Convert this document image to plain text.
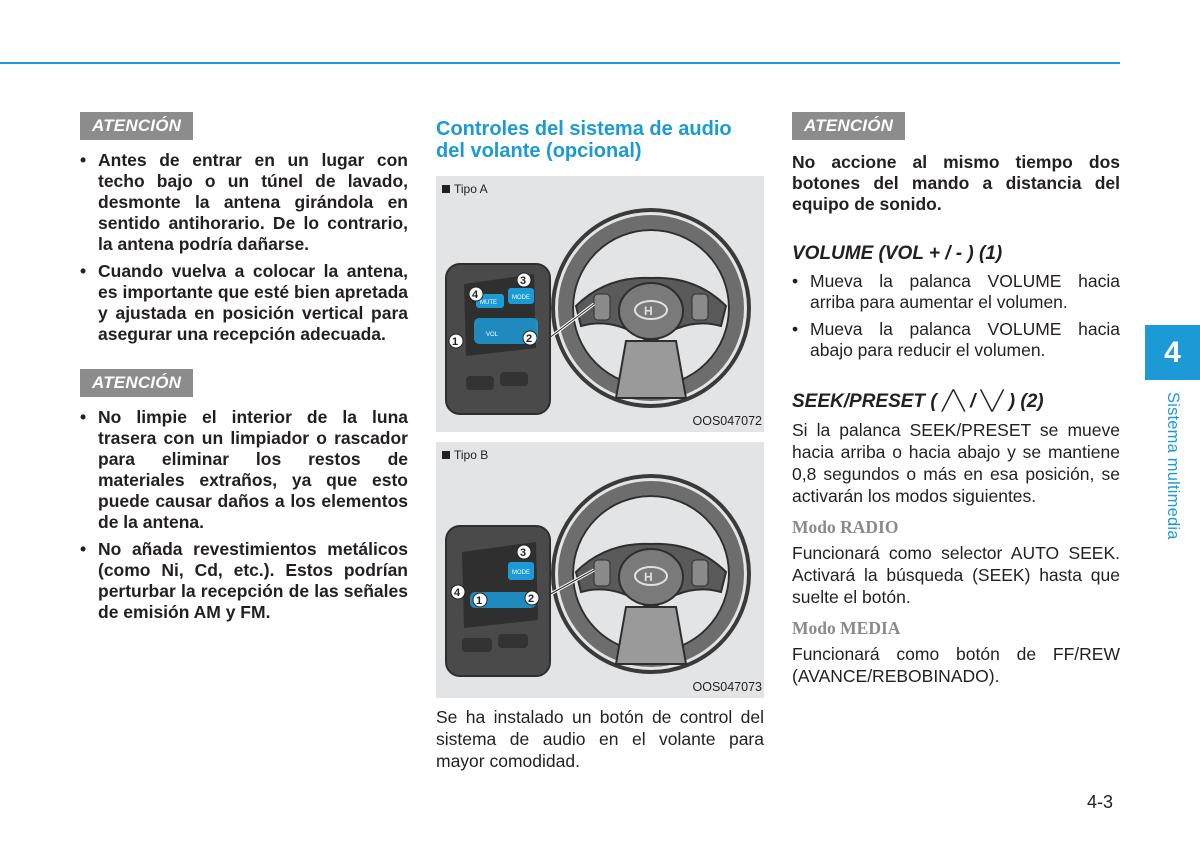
ATENCIÓN
• Antes de entrar en un lugar con techo bajo o un túnel de lavado, desmonte la antena girándola en sentido antihorario. De lo contrario, la antena podría dañarse.
• Cuando vuelva a colocar la antena, es importante que esté bien apretada y ajustada en posición vertical para asegurar una recepción adecuada.
ATENCIÓN
• No limpie el interior de la luna trasera con un limpiador o rascador para eliminar los restos de materiales extraños, ya que esto puede causar daños a los elementos de la antena.
• No añada revestimientos metálicos (como Ni, Cd, etc.). Estos podrían perturbar la recepción de las señales de emisión AM y FM.
Controles del sistema de audio del volante (opcional)
Tipo A
H
MUTE
MODE
VOL
4
3
1	2
OOS047072
Tipo B
H
MODE
3
4
1	2
OOS047073

Se ha instalado un botón de control del sistema de audio en el volante para mayor comodidad.

ATENCIÓN

No accione al mismo tiempo dos botones del mando a distancia del equipo de sonido.

VOLUME (VOL + / - ) (1)
• Mueva la palanca VOLUME hacia arriba para aumentar el volumen.
• Mueva la palanca VOLUME hacia abajo para reducir el volumen.
SEEK/PRESET ( ╱╲ / ╲╱ ) (2)

Si la palanca SEEK/PRESET se mueve hacia arriba o hacia abajo y se mantiene 0,8 segundos o más en esa posición, se activarán los modos siguientes.

Modo RADIO

Funcionará como selector AUTO SEEK. Activará la búsqueda (SEEK) hasta que suelte el botón.

Modo MEDIA

Funcionará como botón de FF/REW (AVANCE/REBOBINADO).

4
Sistema multimedia
4-3
